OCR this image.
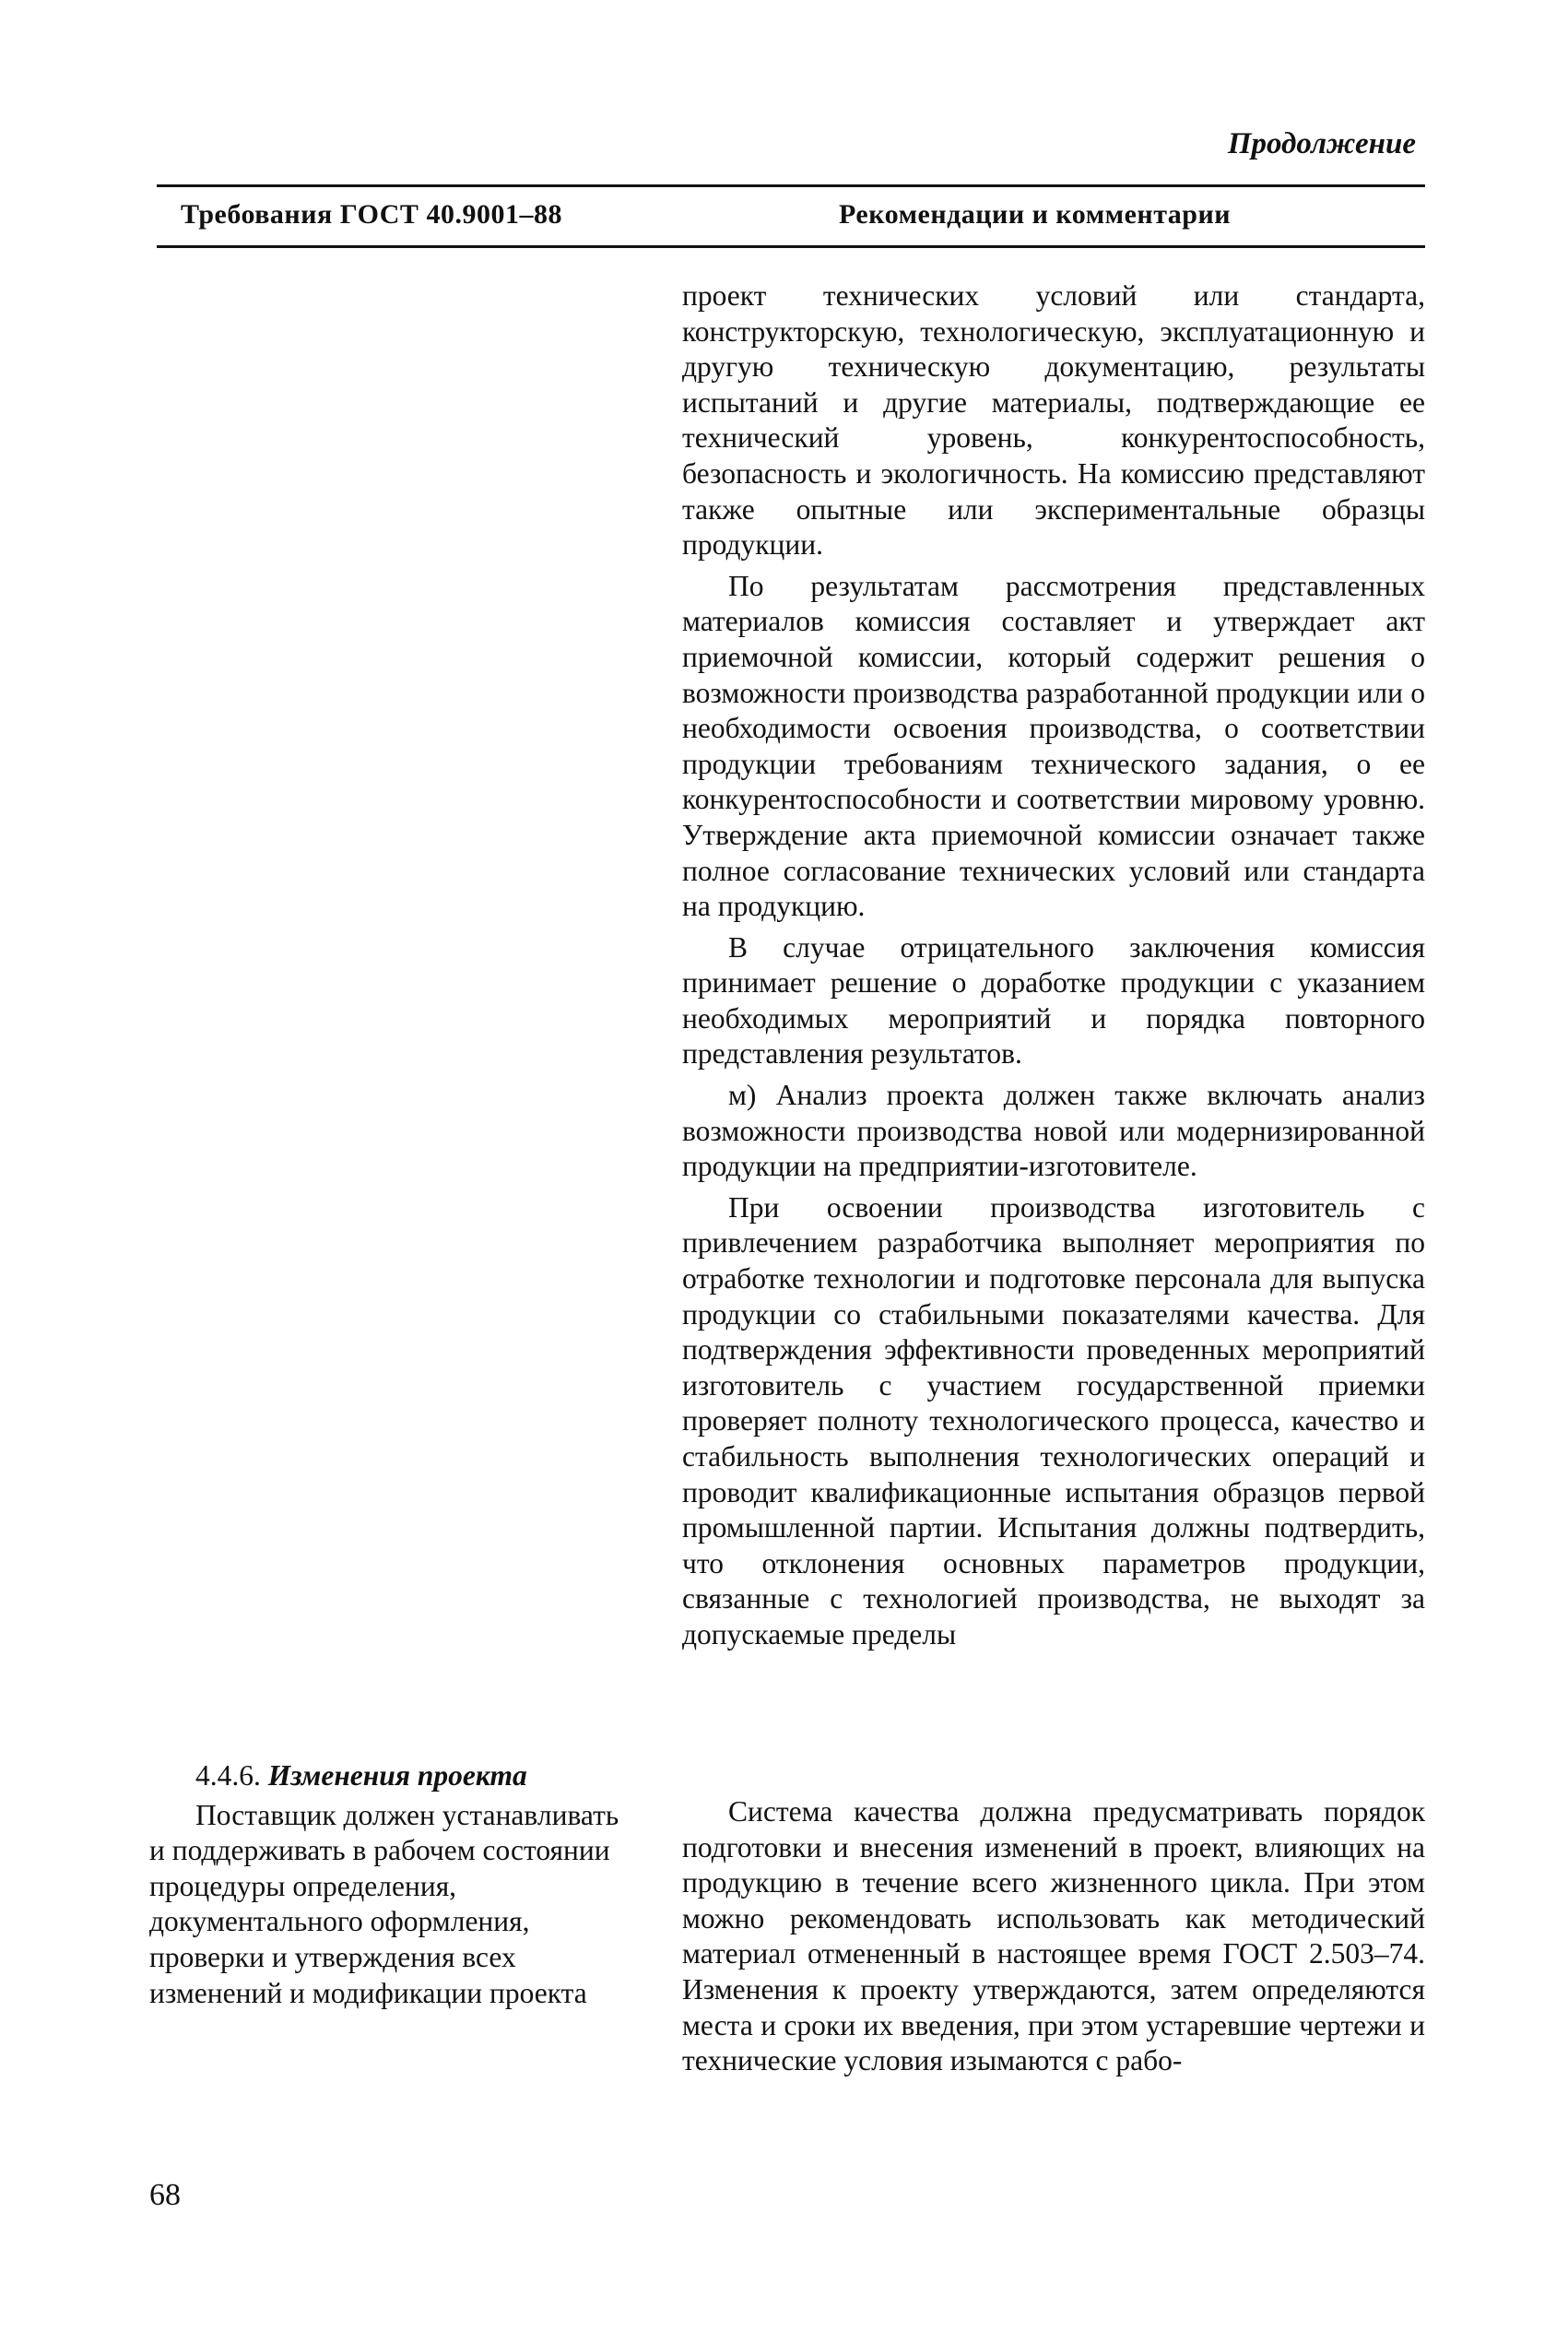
Продолжение
Требования ГОСТ 40.9001–88	Рекомендации и комментарии

проект технических условий или стандарта, конструкторскую, технологическую, эксплуатационную и другую техническую документацию, результаты испытаний и другие материалы, подтверждающие ее технический уровень, конкурентоспособность, безопасность и экологичность. На комиссию представляют также опытные или экспериментальные образцы продукции.

По результатам рассмотрения представленных материалов комиссия составляет и утверждает акт приемочной комиссии, который содержит решения о возможности производства разработанной продукции или о необходимости освоения производства, о соответствии продукции требованиям технического задания, о ее конкурентоспособности и соответствии мировому уровню. Утверждение акта приемочной комиссии означает также полное согласование технических условий или стандарта на продукцию.

В случае отрицательного заключения комиссия принимает решение о доработке продукции с указанием необходимых мероприятий и порядка повторного представления результатов.

м) Анализ проекта должен также включать анализ возможности производства новой или модернизированной продукции на предприятии-изготовителе.

При освоении производства изготовитель с привлечением разработчика выполняет мероприятия по отработке технологии и подготовке персонала для выпуска продукции со стабильными показателями качества. Для подтверждения эффективности проведенных мероприятий изготовитель с участием государственной приемки проверяет полноту технологического процесса, качество и стабильность выполнения технологических операций и проводит квалификационные испытания образцов первой промышленной партии. Испытания должны подтвердить, что отклонения основных параметров продукции, связанные с технологией производства, не выходят за допускаемые пределы

4.4.6. Изменения проекта

Поставщик должен устанавливать и поддерживать в рабочем состоянии процедуры определения, документального оформления, проверки и утверждения всех изменений и модификации проекта

Система качества должна предусматривать порядок подготовки и внесения изменений в проект, влияющих на продукцию в течение всего жизненного цикла. При этом можно рекомендовать использовать как методический материал отмененный в настоящее время ГОСТ 2.503–74. Изменения к проекту утверждаются, затем определяются места и сроки их введения, при этом устаревшие чертежи и технические условия изымаются с рабо-

68
